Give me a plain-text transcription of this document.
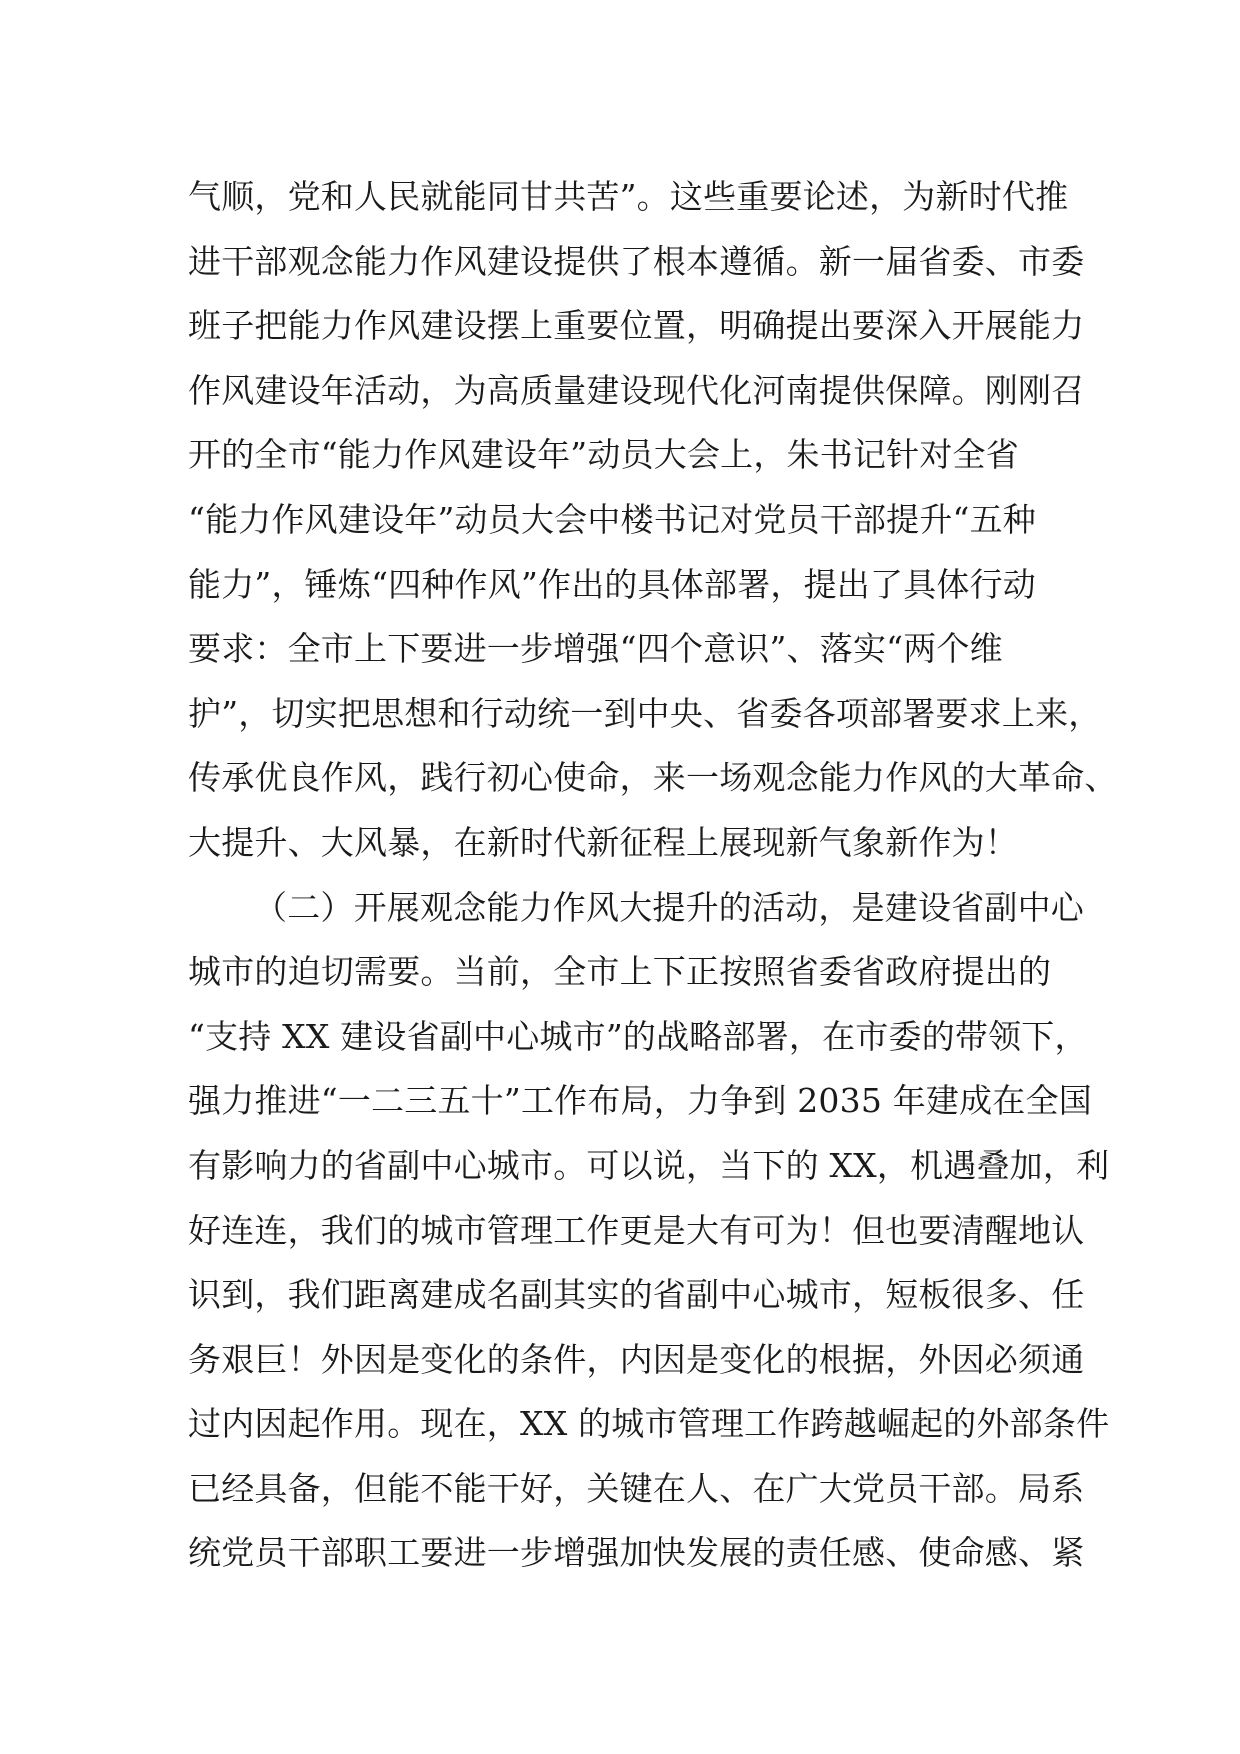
气顺，党和人民就能同甘共苦”。这些重要论述，为新时代推
进干部观念能力作风建设提供了根本遵循。新一届省委、市委
班子把能力作风建设摆上重要位置，明确提出要深入开展能力
作风建设年活动，为高质量建设现代化河南提供保障。刚刚召
开的全市“能力作风建设年”动员大会上，朱书记针对全省
“能力作风建设年”动员大会中楼书记对党员干部提升“五种
能力”，锤炼“四种作风”作出的具体部署，提出了具体行动
要求：全市上下要进一步增强“四个意识”、落实“两个维
护”，切实把思想和行动统一到中央、省委各项部署要求上来，
传承优良作风，践行初心使命，来一场观念能力作风的大革命、
大提升、大风暴，在新时代新征程上展现新气象新作为！
（二）开展观念能力作风大提升的活动，是建设省副中心
城市的迫切需要。当前，全市上下正按照省委省政府提出的
“支持 XX 建设省副中心城市”的战略部署，在市委的带领下，
强力推进“一二三五十”工作布局，力争到 2035 年建成在全国
有影响力的省副中心城市。可以说，当下的 XX，机遇叠加，利
好连连，我们的城市管理工作更是大有可为！但也要清醒地认
识到，我们距离建成名副其实的省副中心城市，短板很多、任
务艰巨！外因是变化的条件，内因是变化的根据，外因必须通
过内因起作用。现在，XX 的城市管理工作跨越崛起的外部条件
已经具备，但能不能干好，关键在人、在广大党员干部。局系
统党员干部职工要进一步增强加快发展的责任感、使命感、紧
